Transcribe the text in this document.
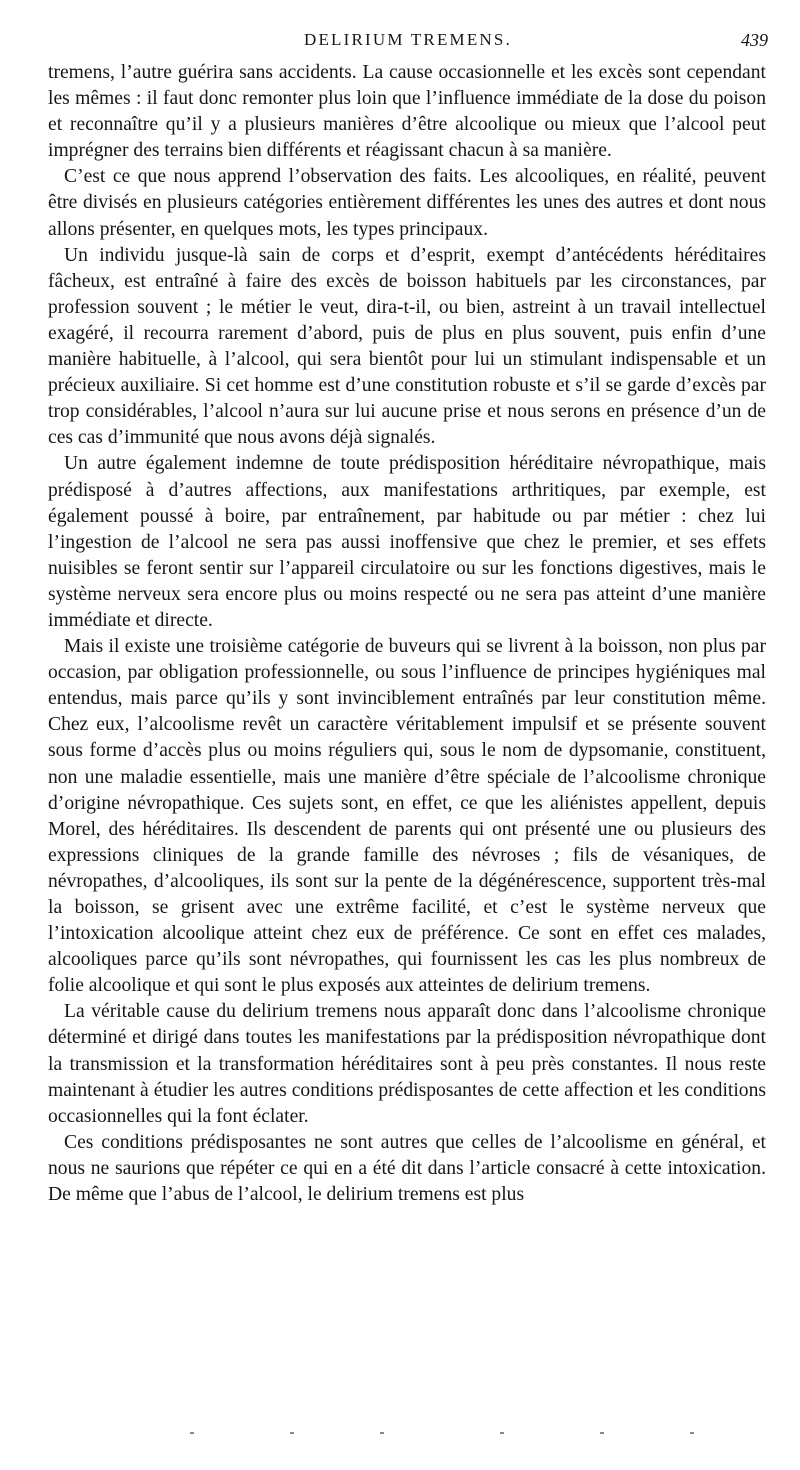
DELIRIUM TREMENS.	439

tremens, l’autre guérira sans accidents. La cause occasionnelle et les excès sont cependant les mêmes : il faut donc remonter plus loin que l’influence immédiate de la dose du poison et reconnaître qu’il y a plusieurs manières d’être alcoolique ou mieux que l’alcool peut imprégner des terrains bien différents et réagissant chacun à sa manière.

C’est ce que nous apprend l’observation des faits. Les alcooliques, en réalité, peuvent être divisés en plusieurs catégories entièrement différentes les unes des autres et dont nous allons présenter, en quelques mots, les types principaux.

Un individu jusque-là sain de corps et d’esprit, exempt d’antécédents héréditaires fâcheux, est entraîné à faire des excès de boisson habituels par les circonstances, par profession souvent ; le métier le veut, dira-t-il, ou bien, astreint à un travail intellectuel exagéré, il recourra rarement d’abord, puis de plus en plus souvent, puis enfin d’une manière habituelle, à l’alcool, qui sera bientôt pour lui un stimulant indispensable et un précieux auxiliaire. Si cet homme est d’une constitution robuste et s’il se garde d’excès par trop considérables, l’alcool n’aura sur lui aucune prise et nous serons en présence d’un de ces cas d’immunité que nous avons déjà signalés.

Un autre également indemne de toute prédisposition héréditaire névropathique, mais prédisposé à d’autres affections, aux manifestations arthritiques, par exemple, est également poussé à boire, par entraînement, par habitude ou par métier : chez lui l’ingestion de l’alcool ne sera pas aussi inoffensive que chez le premier, et ses effets nuisibles se feront sentir sur l’appareil circulatoire ou sur les fonctions digestives, mais le système nerveux sera encore plus ou moins respecté ou ne sera pas atteint d’une manière immédiate et directe.

Mais il existe une troisième catégorie de buveurs qui se livrent à la boisson, non plus par occasion, par obligation professionnelle, ou sous l’influence de principes hygiéniques mal entendus, mais parce qu’ils y sont invinciblement entraînés par leur constitution même. Chez eux, l’alcoolisme revêt un caractère véritablement impulsif et se présente souvent sous forme d’accès plus ou moins réguliers qui, sous le nom de dypsomanie, constituent, non une maladie essentielle, mais une manière d’être spéciale de l’alcoolisme chronique d’origine névropathique. Ces sujets sont, en effet, ce que les aliénistes appellent, depuis Morel, des héréditaires. Ils descendent de parents qui ont présenté une ou plusieurs des expressions cliniques de la grande famille des névroses ; fils de vésaniques, de névropathes, d’alcooliques, ils sont sur la pente de la dégénérescence, supportent très-mal la boisson, se grisent avec une extrême facilité, et c’est le système nerveux que l’intoxication alcoolique atteint chez eux de préférence. Ce sont en effet ces malades, alcooliques parce qu’ils sont névropathes, qui fournissent les cas les plus nombreux de folie alcoolique et qui sont le plus exposés aux atteintes de delirium tremens.

La véritable cause du delirium tremens nous apparaît donc dans l’alcoolisme chronique déterminé et dirigé dans toutes les manifestations par la prédisposition névropathique dont la transmission et la transformation héréditaires sont à peu près constantes. Il nous reste maintenant à étudier les autres conditions prédisposantes de cette affection et les conditions occasionnelles qui la font éclater.

Ces conditions prédisposantes ne sont autres que celles de l’alcoolisme en général, et nous ne saurions que répéter ce qui en a été dit dans l’article consacré à cette intoxication. De même que l’abus de l’alcool, le delirium tremens est plus
